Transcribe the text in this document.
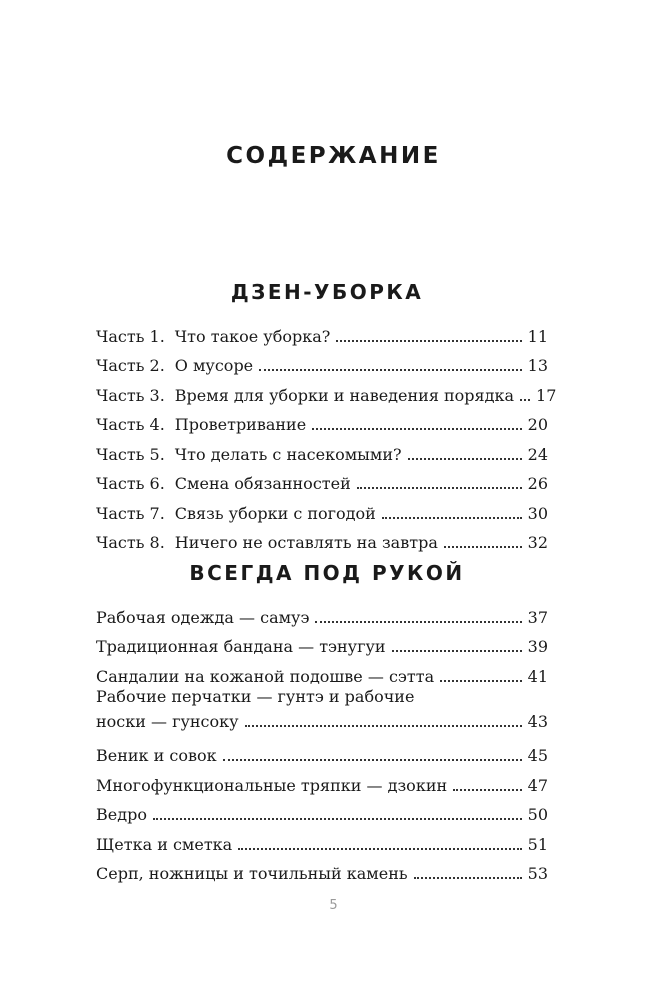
СОДЕРЖАНИЕ
ДЗЕН-УБОРКА
Часть 1. Что такое уборка?	11
Часть 2. О мусоре	13
Часть 3. Время для уборки и наведения порядка 17
Часть 4. Проветривание	20
Часть 5. Что делать с насекомыми?	24
Часть 6. Смена обязанностей	26
Часть 7. Связь уборки с погодой	30
Часть 8. Ничего не оставлять на завтра	32
ВСЕГДА ПОД РУКОЙ
Рабочая одежда — самуэ	37
Традиционная бандана — тэнугуи	39
Сандалии на кожаной подошве — сэтта	41
Рабочие перчатки — гунтэ и рабочие
носки — гунсоку	43
Веник и совок	45
Многофункциональные тряпки — дзокин	47
Ведро	50
Щетка и сметка	51
Серп, ножницы и точильный камень	53
5
